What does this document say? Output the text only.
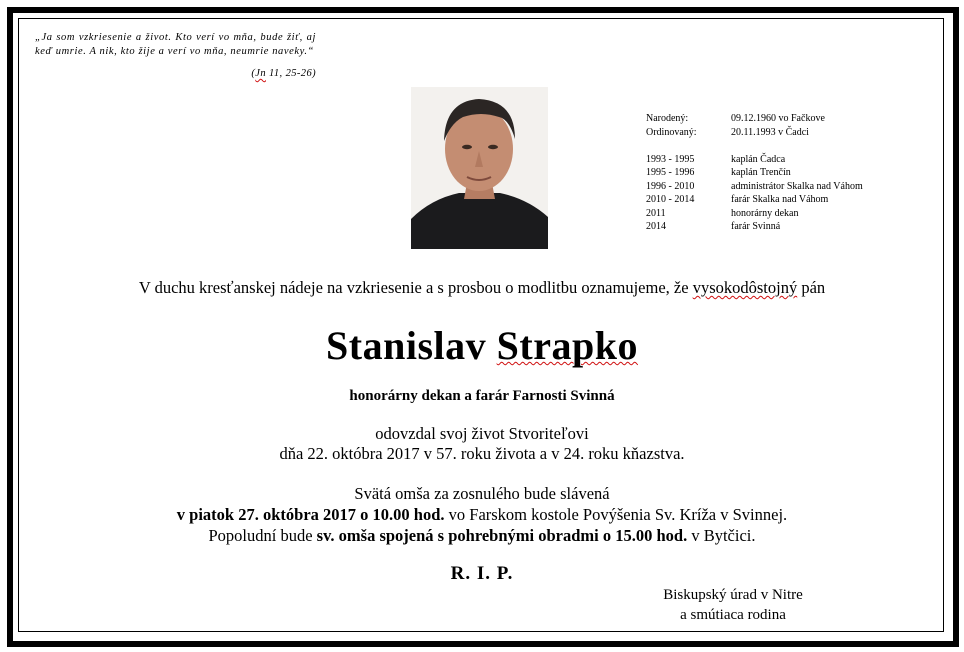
„Ja som vzkriesenie a život. Kto verí vo mňa, bude žiť, aj keď umrie. A nik, kto žije a verí vo mňa, neumrie naveky.“
(Jn 11, 25-26)
Narodený:	09.12.1960 vo Fačkove
Ordinovaný:	20.11.1993 v Čadci
1993 - 1995	kaplán Čadca
1995 - 1996	kaplán Trenčín
1996 - 2010	administrátor Skalka nad Váhom
2010 - 2014	farár Skalka nad Váhom
2011	honorárny dekan
2014	farár Svinná
V duchu kresťanskej nádeje na vzkriesenie a s prosbou o modlitbu oznamujeme, že vysokodôstojný pán
Stanislav Strapko
honorárny dekan a farár Farnosti Svinná
odovzdal svoj život Stvoriteľovi
dňa 22. októbra 2017 v 57. roku života a v 24. roku kňazstva.
Svätá omša za zosnulého bude slávená
v piatok 27. októbra 2017 o 10.00 hod. vo Farskom kostole Povýšenia Sv. Kríža v Svinnej.
Popoludní bude sv. omša spojená s pohrebnými obradmi o 15.00 hod. v Bytčici.
R. I. P.
Biskupský úrad v Nitre
a smútiaca rodina
